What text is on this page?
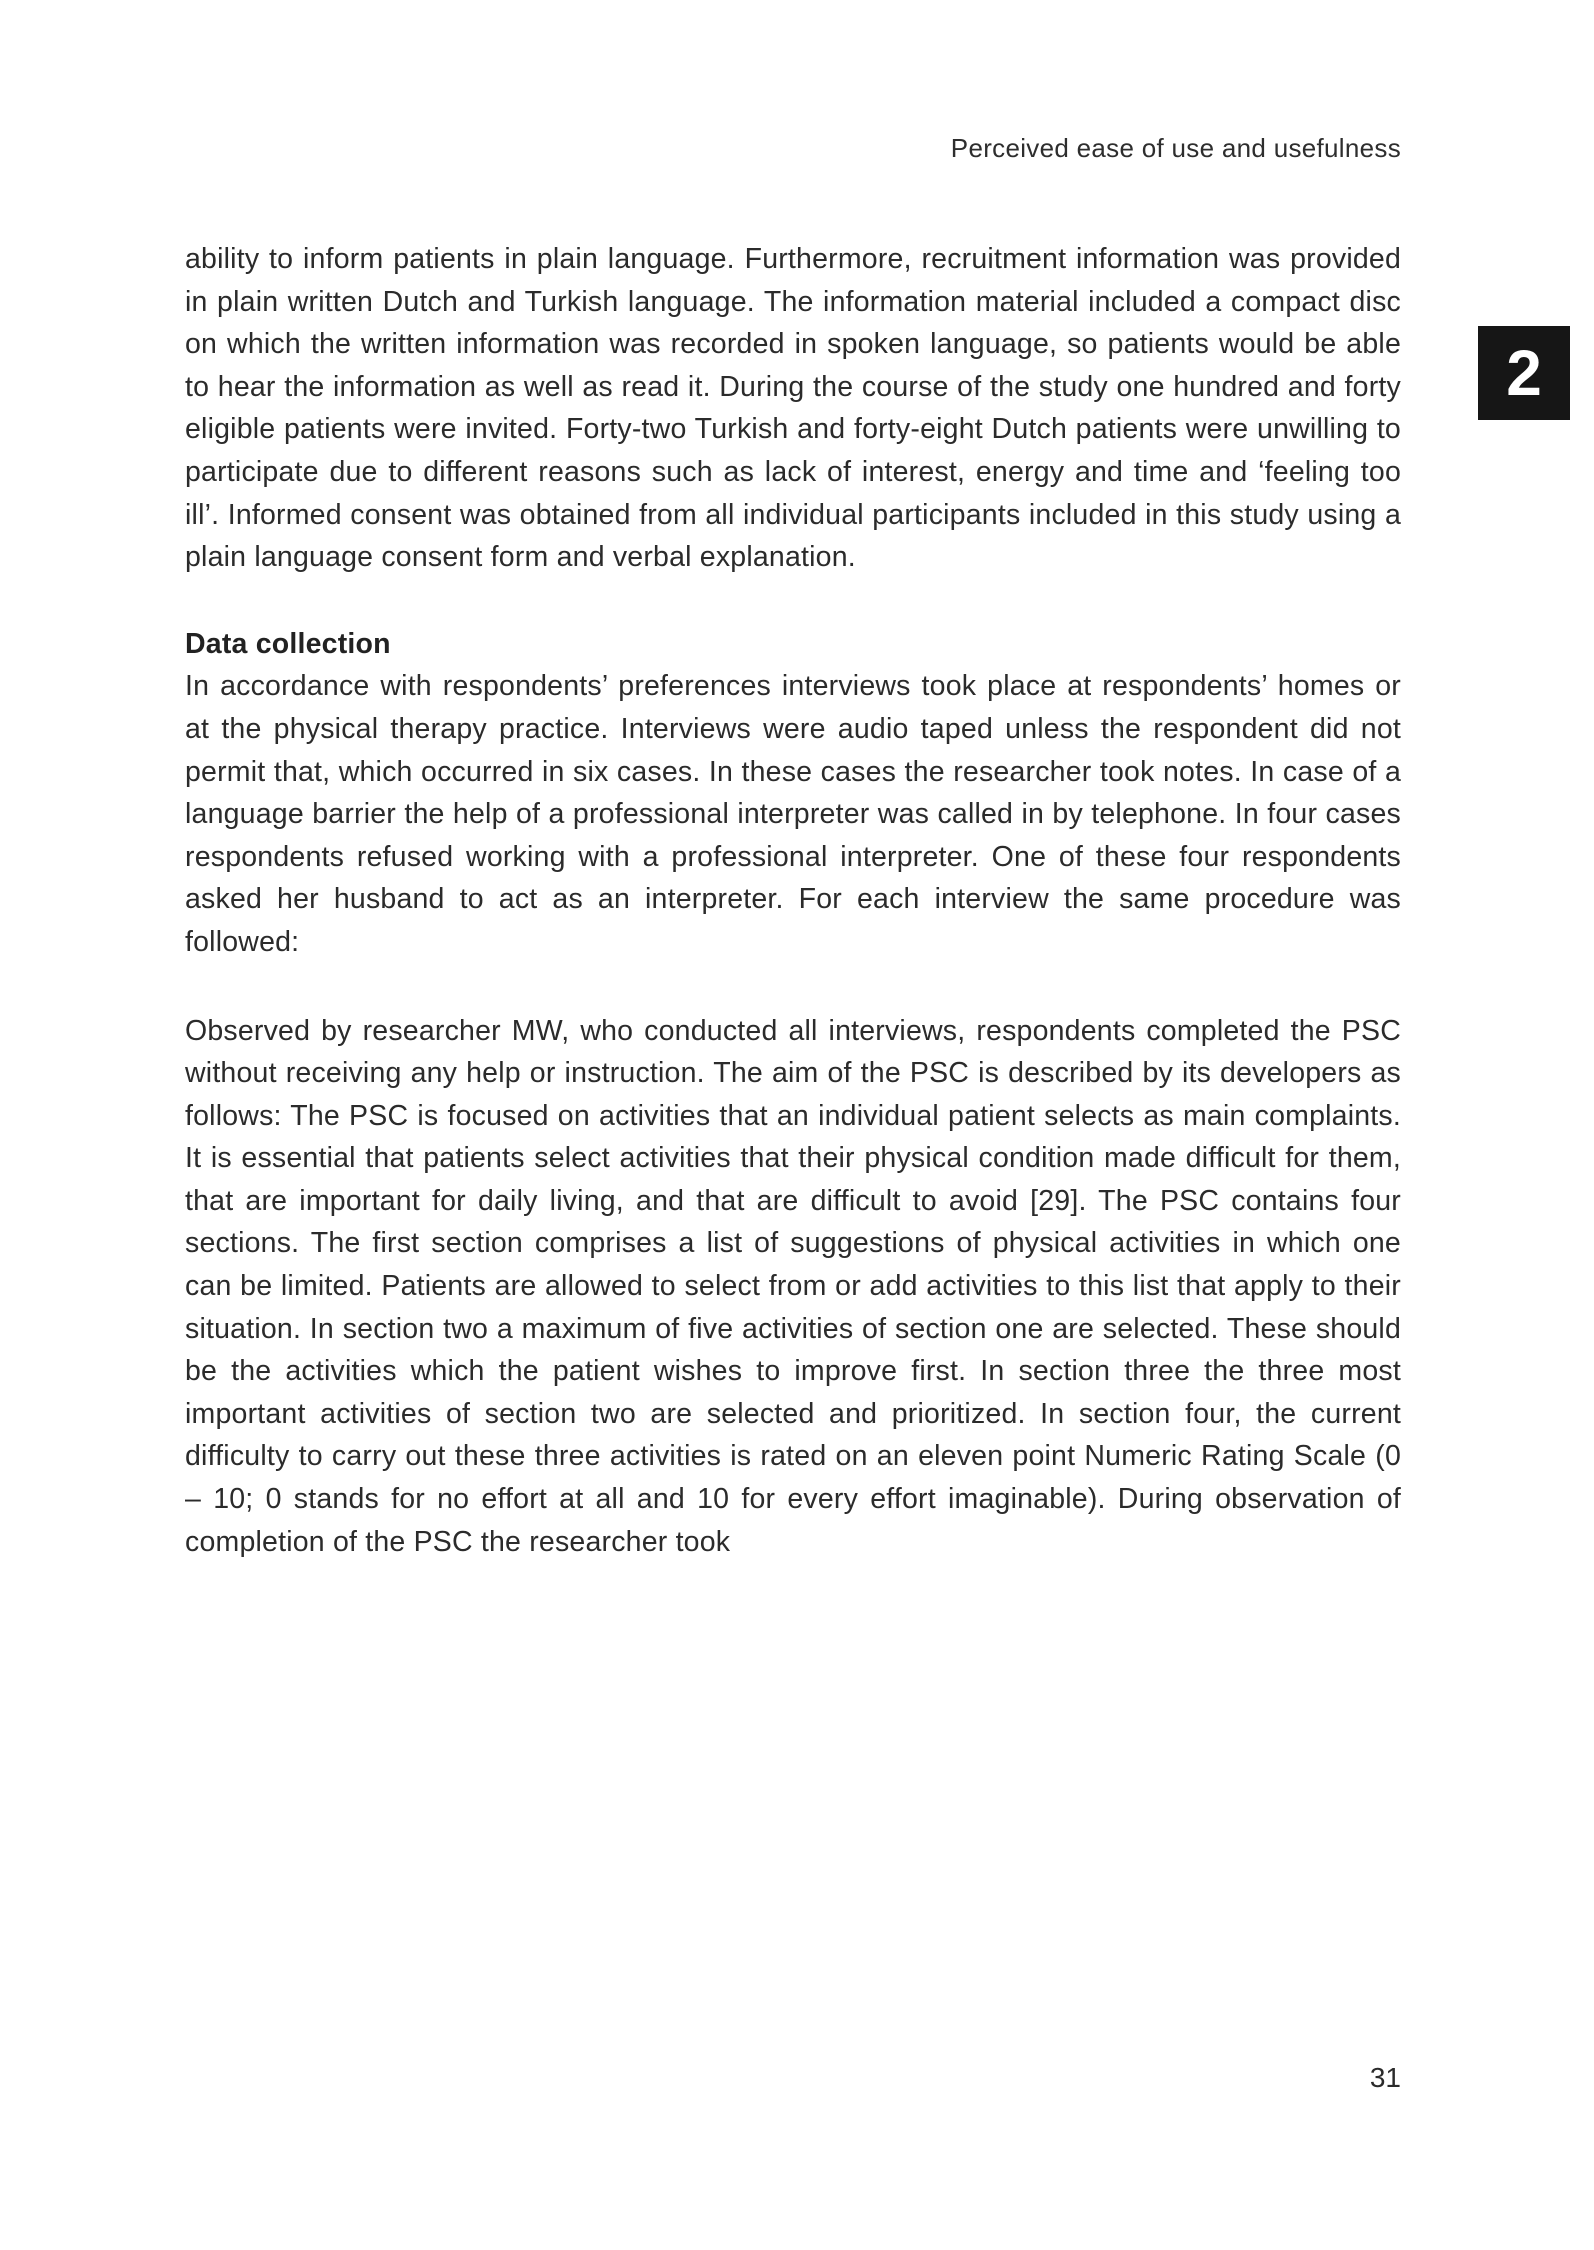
Perceived ease of use and usefulness
2

ability to inform patients in plain language. Furthermore, recruitment information was provided in plain written Dutch and Turkish language. The information material included a compact disc on which the written information was recorded in spoken language, so patients would be able to hear the information as well as read it. During the course of the study one hundred and forty eligible patients were invited. Forty-two Turkish and forty-eight Dutch patients were unwilling to participate due to different reasons such as lack of interest, energy and time and ‘feeling too ill’. Informed consent was obtained from all individual participants included in this study using a plain language consent form and verbal explanation.

Data collection

In accordance with respondents’ preferences interviews took place at respondents’ homes or at the physical therapy practice. Interviews were audio taped unless the respondent did not permit that, which occurred in six cases. In these cases the researcher took notes. In case of a language barrier the help of a professional interpreter was called in by telephone. In four cases respondents refused working with a professional interpreter. One of these four respondents asked her husband to act as an interpreter. For each interview the same procedure was followed:

Observed by researcher MW, who conducted all interviews, respondents completed the PSC without receiving any help or instruction. The aim of the PSC is described by its developers as follows: The PSC is focused on activities that an individual patient selects as main complaints. It is essential that patients select activities that their physical condition made difficult for them, that are important for daily living, and that are difficult to avoid [29]. The PSC contains four sections. The first section comprises a list of suggestions of physical activities in which one can be limited. Patients are allowed to select from or add activities to this list that apply to their situation. In section two a maximum of five activities of section one are selected. These should be the activities which the patient wishes to improve first. In section three the three most important activities of section two are selected and prioritized. In section four, the current difficulty to carry out these three activities is rated on an eleven point Numeric Rating Scale (0 – 10; 0 stands for no effort at all and 10 for every effort imaginable). During observation of completion of the PSC the researcher took

31
